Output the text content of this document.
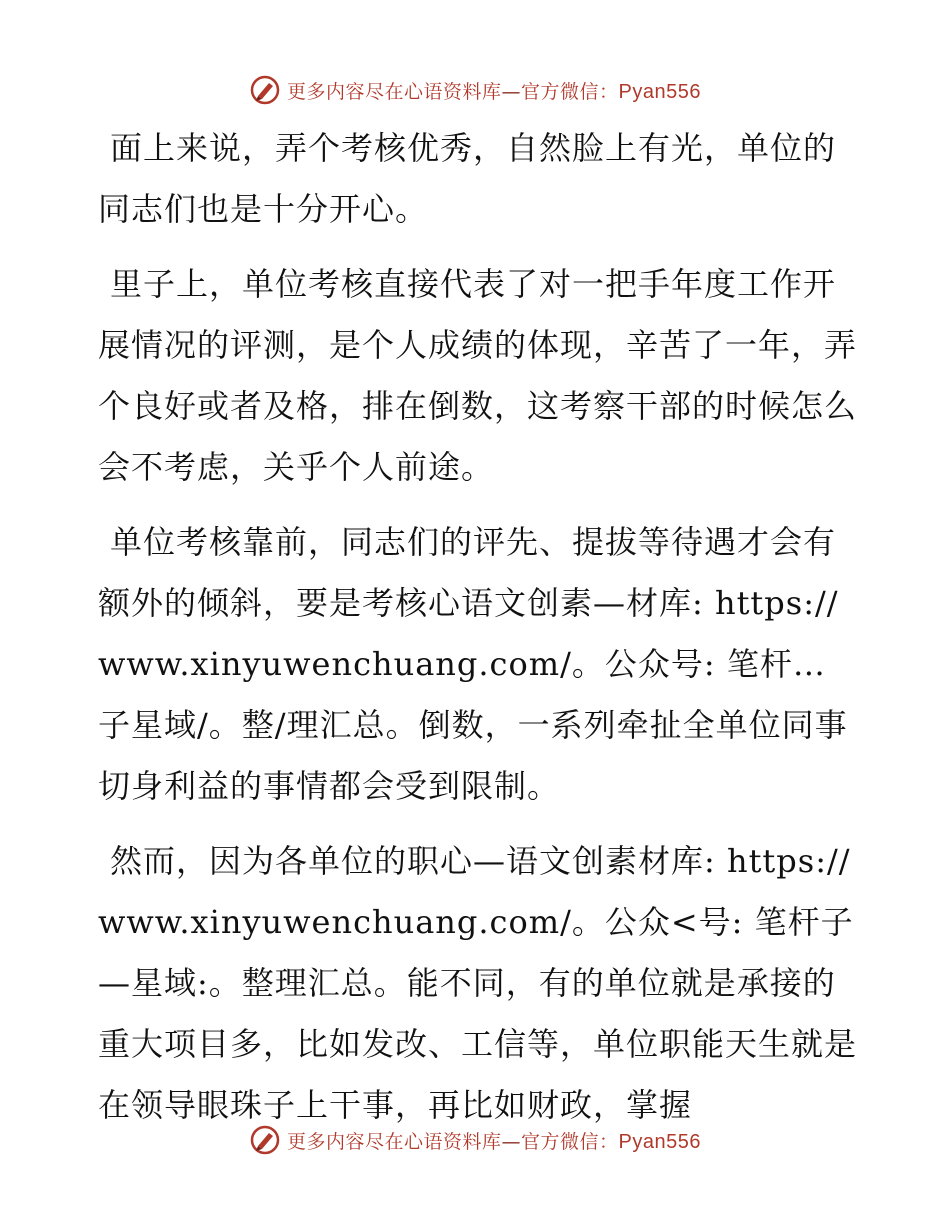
更多内容尽在心语资料库—官方微信：Pyan556

面上来说，弄个考核优秀，自然脸上有光，单位的同志们也是十分开心。

里子上，单位考核直接代表了对一把手年度工作开展情况的评测，是个人成绩的体现，辛苦了一年，弄个良好或者及格，排在倒数，这考察干部的时候怎么会不考虑，关乎个人前途。

单位考核靠前，同志们的评先、提拔等待遇才会有额外的倾斜，要是考核心语文创素—材库: https://www.xinyuwenchuang.com/。公众号: 笔杆…子星域/。整/理汇总。倒数，一系列牵扯全单位同事切身利益的事情都会受到限制。

然而，因为各单位的职心—语文创素材库: https://www.xinyuwenchuang.com/。公众<号: 笔杆子—星域:。整理汇总。能不同，有的单位就是承接的重大项目多，比如发改、工信等，单位职能天生就是在领导眼珠子上干事，再比如财政，掌握

更多内容尽在心语资料库—官方微信：Pyan556
